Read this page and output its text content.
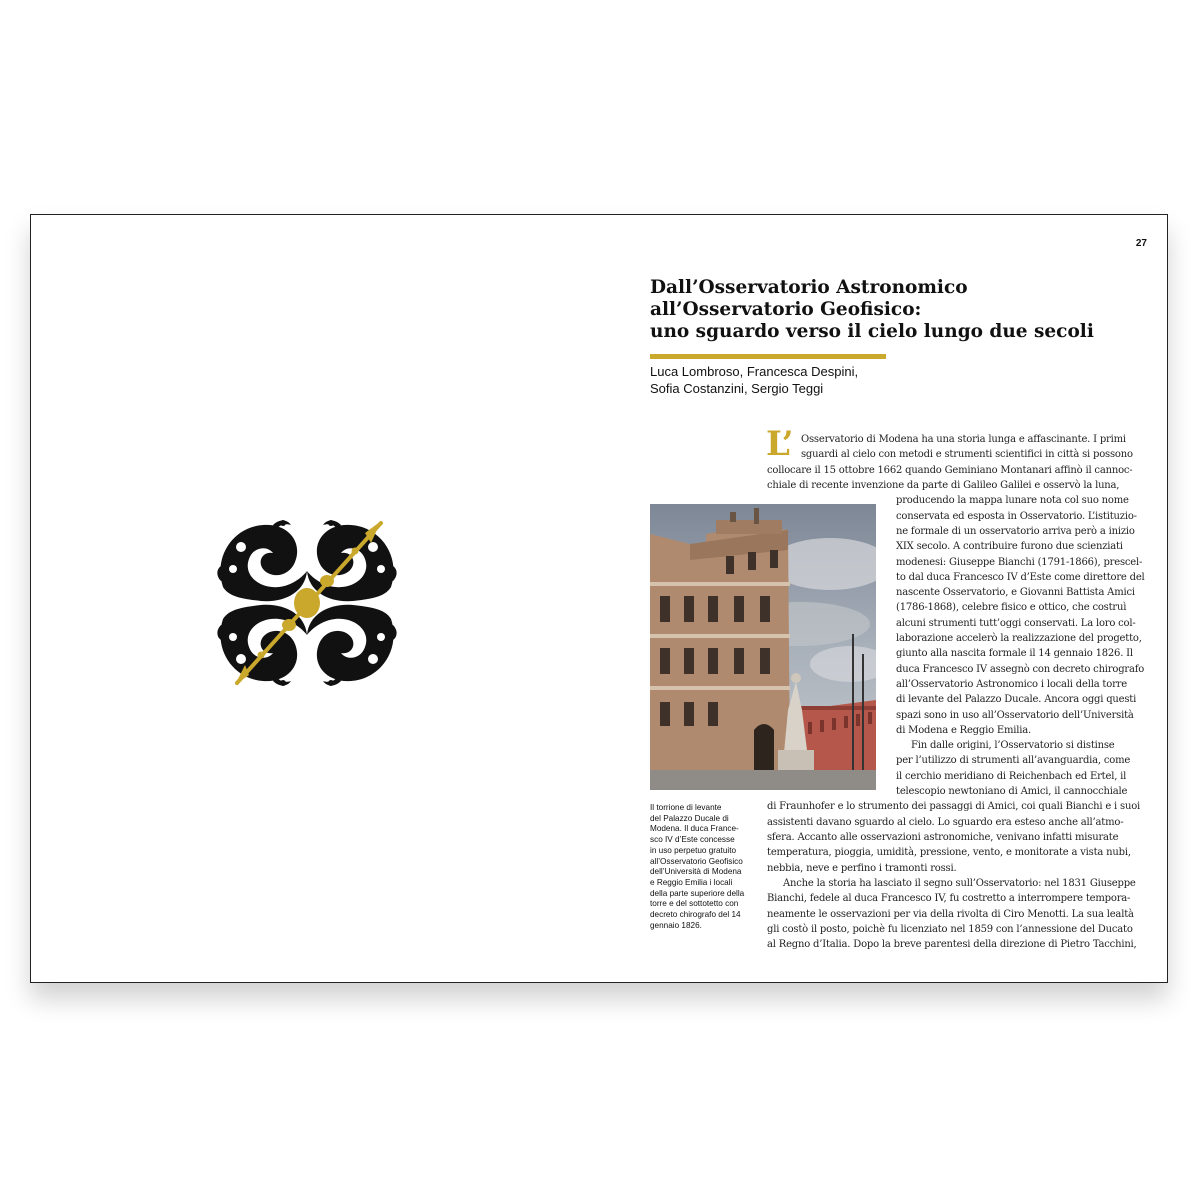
27
Dall’Osservatorio Astronomico
all’Osservatorio Geofisico:
uno sguardo verso il cielo lungo due secoli
Luca Lombroso, Francesca Despini,
Sofia Costanzini, Sergio Teggi
Il torrione di levante
del Palazzo Ducale di
Modena. Il duca France-
sco IV d’Este concesse
in uso perpetuo gratuito
all’Osservatorio Geofisico
dell’Università di Modena
e Reggio Emilia i locali
della parte superiore della
torre e del sottotetto con
decreto chirografo del 14
gennaio 1826.
L’ Osservatorio di Modena ha una storia lunga e affascinante. I primi
sguardi al cielo con metodi e strumenti scientifici in città si possono
collocare il 15 ottobre 1662 quando Geminiano Montanari affinò il cannoc-
chiale di recente invenzione da parte di Galileo Galilei e osservò la luna,
producendo la mappa lunare nota col suo nome
conservata ed esposta in Osservatorio. L’istituzio-
ne formale di un osservatorio arriva però a inizio
XIX secolo. A contribuire furono due scienziati
modenesi: Giuseppe Bianchi (1791-1866), prescel-
to dal duca Francesco IV d’Este come direttore del
nascente Osservatorio, e Giovanni Battista Amici
(1786-1868), celebre fisico e ottico, che costruì
alcuni strumenti tutt’oggi conservati. La loro col-
laborazione accelerò la realizzazione del progetto,
giunto alla nascita formale il 14 gennaio 1826. Il
duca Francesco IV assegnò con decreto chirografo
all’Osservatorio Astronomico i locali della torre
di levante del Palazzo Ducale. Ancora oggi questi
spazi sono in uso all’Osservatorio dell’Università
di Modena e Reggio Emilia.
Fin dalle origini, l’Osservatorio si distinse
per l’utilizzo di strumenti all’avanguardia, come
il cerchio meridiano di Reichenbach ed Ertel, il
telescopio newtoniano di Amici, il cannocchiale
di Fraunhofer e lo strumento dei passaggi di Amici, coi quali Bianchi e i suoi
assistenti davano sguardo al cielo. Lo sguardo era esteso anche all’atmo-
sfera. Accanto alle osservazioni astronomiche, venivano infatti misurate
temperatura, pioggia, umidità, pressione, vento, e monitorate a vista nubi,
nebbia, neve e perfino i tramonti rossi.
Anche la storia ha lasciato il segno sull’Osservatorio: nel 1831 Giuseppe
Bianchi, fedele al duca Francesco IV, fu costretto a interrompere tempora-
neamente le osservazioni per via della rivolta di Ciro Menotti. La sua lealtà
gli costò il posto, poichè fu licenziato nel 1859 con l’annessione del Ducato
al Regno d’Italia. Dopo la breve parentesi della direzione di Pietro Tacchini,
